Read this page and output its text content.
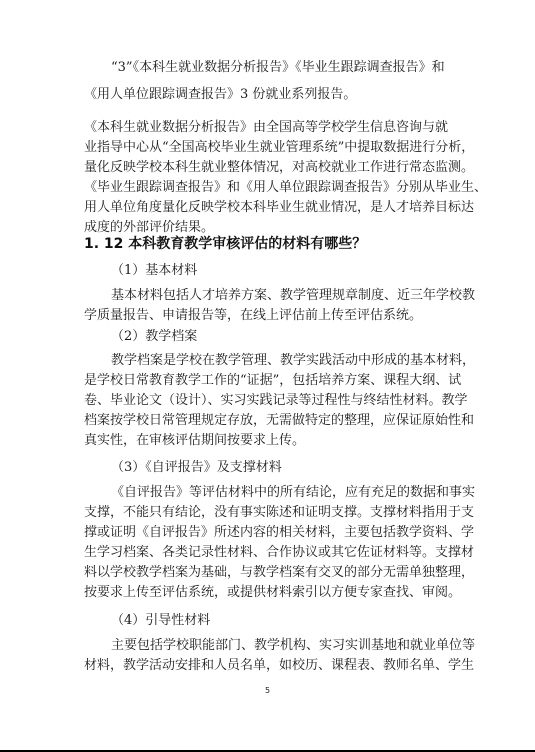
“3”《本科生就业数据分析报告》《毕业生跟踪调查报告》和
《用人单位跟踪调查报告》3 份就业系列报告。
《本科生就业数据分析报告》由全国高等学校学生信息咨询与就
业指导中心从“全国高校毕业生就业管理系统”中提取数据进行分析，
量化反映学校本科生就业整体情况，对高校就业工作进行常态监测。
《毕业生跟踪调查报告》和《用人单位跟踪调查报告》分别从毕业生、
用人单位角度量化反映学校本科毕业生就业情况，是人才培养目标达
成度的外部评价结果。
1. 12 本科教育教学审核评估的材料有哪些？
（1）基本材料
基本材料包括人才培养方案、教学管理规章制度、近三年学校教
学质量报告、申请报告等，在线上评估前上传至评估系统。
（2）教学档案
教学档案是学校在教学管理、教学实践活动中形成的基本材料，
是学校日常教育教学工作的“证据”，包括培养方案、课程大纲、试
卷、毕业论文（设计）、实习实践记录等过程性与终结性材料。教学
档案按学校日常管理规定存放，无需做特定的整理，应保证原始性和
真实性，在审核评估期间按要求上传。
（3）《自评报告》及支撑材料
《自评报告》等评估材料中的所有结论，应有充足的数据和事实
支撑，不能只有结论，没有事实陈述和证明支撑。支撑材料指用于支
撑或证明《自评报告》所述内容的相关材料，主要包括教学资料、学
生学习档案、各类记录性材料、合作协议或其它佐证材料等。支撑材
料以学校教学档案为基础，与教学档案有交叉的部分无需单独整理，
按要求上传至评估系统，或提供材料索引以方便专家查找、审阅。
（4）引导性材料
主要包括学校职能部门、教学机构、实习实训基地和就业单位等
材料，教学活动安排和人员名单，如校历、课程表、教师名单、学生
5
